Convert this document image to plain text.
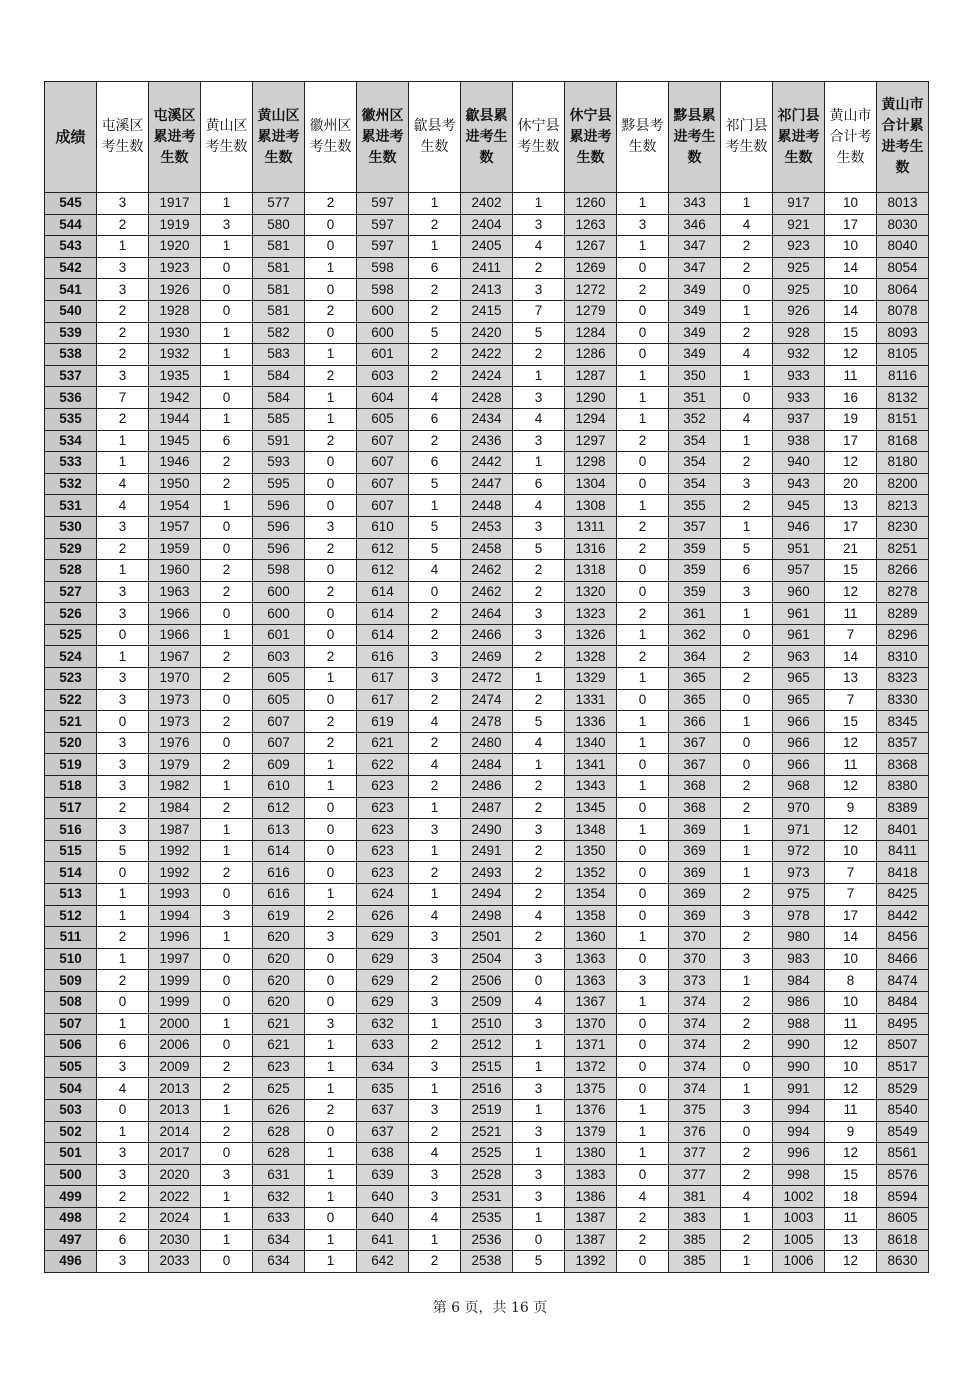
成绩	屯溪区考生数	屯溪区累进考生数	黄山区考生数	黄山区累进考生数	徽州区考生数	徽州区累进考生数	歙县考生数	歙县累进考生数	休宁县考生数	休宁县累进考生数	黟县考生数	黟县累进考生数	祁门县考生数	祁门县累进考生数	黄山市合计考生数	黄山市合计累进考生数
545	3	1917	1	577	2	597	1	2402	1	1260	1	343	1	917	10	8013
544	2	1919	3	580	0	597	2	2404	3	1263	3	346	4	921	17	8030
543	1	1920	1	581	0	597	1	2405	4	1267	1	347	2	923	10	8040
542	3	1923	0	581	1	598	6	2411	2	1269	0	347	2	925	14	8054
541	3	1926	0	581	0	598	2	2413	3	1272	2	349	0	925	10	8064
540	2	1928	0	581	2	600	2	2415	7	1279	0	349	1	926	14	8078
539	2	1930	1	582	0	600	5	2420	5	1284	0	349	2	928	15	8093
538	2	1932	1	583	1	601	2	2422	2	1286	0	349	4	932	12	8105
537	3	1935	1	584	2	603	2	2424	1	1287	1	350	1	933	11	8116
536	7	1942	0	584	1	604	4	2428	3	1290	1	351	0	933	16	8132
535	2	1944	1	585	1	605	6	2434	4	1294	1	352	4	937	19	8151
534	1	1945	6	591	2	607	2	2436	3	1297	2	354	1	938	17	8168
533	1	1946	2	593	0	607	6	2442	1	1298	0	354	2	940	12	8180
532	4	1950	2	595	0	607	5	2447	6	1304	0	354	3	943	20	8200
531	4	1954	1	596	0	607	1	2448	4	1308	1	355	2	945	13	8213
530	3	1957	0	596	3	610	5	2453	3	1311	2	357	1	946	17	8230
529	2	1959	0	596	2	612	5	2458	5	1316	2	359	5	951	21	8251
528	1	1960	2	598	0	612	4	2462	2	1318	0	359	6	957	15	8266
527	3	1963	2	600	2	614	0	2462	2	1320	0	359	3	960	12	8278
526	3	1966	0	600	0	614	2	2464	3	1323	2	361	1	961	11	8289
525	0	1966	1	601	0	614	2	2466	3	1326	1	362	0	961	7	8296
524	1	1967	2	603	2	616	3	2469	2	1328	2	364	2	963	14	8310
523	3	1970	2	605	1	617	3	2472	1	1329	1	365	2	965	13	8323
522	3	1973	0	605	0	617	2	2474	2	1331	0	365	0	965	7	8330
521	0	1973	2	607	2	619	4	2478	5	1336	1	366	1	966	15	8345
520	3	1976	0	607	2	621	2	2480	4	1340	1	367	0	966	12	8357
519	3	1979	2	609	1	622	4	2484	1	1341	0	367	0	966	11	8368
518	3	1982	1	610	1	623	2	2486	2	1343	1	368	2	968	12	8380
517	2	1984	2	612	0	623	1	2487	2	1345	0	368	2	970	9	8389
516	3	1987	1	613	0	623	3	2490	3	1348	1	369	1	971	12	8401
515	5	1992	1	614	0	623	1	2491	2	1350	0	369	1	972	10	8411
514	0	1992	2	616	0	623	2	2493	2	1352	0	369	1	973	7	8418
513	1	1993	0	616	1	624	1	2494	2	1354	0	369	2	975	7	8425
512	1	1994	3	619	2	626	4	2498	4	1358	0	369	3	978	17	8442
511	2	1996	1	620	3	629	3	2501	2	1360	1	370	2	980	14	8456
510	1	1997	0	620	0	629	3	2504	3	1363	0	370	3	983	10	8466
509	2	1999	0	620	0	629	2	2506	0	1363	3	373	1	984	8	8474
508	0	1999	0	620	0	629	3	2509	4	1367	1	374	2	986	10	8484
507	1	2000	1	621	3	632	1	2510	3	1370	0	374	2	988	11	8495
506	6	2006	0	621	1	633	2	2512	1	1371	0	374	2	990	12	8507
505	3	2009	2	623	1	634	3	2515	1	1372	0	374	0	990	10	8517
504	4	2013	2	625	1	635	1	2516	3	1375	0	374	1	991	12	8529
503	0	2013	1	626	2	637	3	2519	1	1376	1	375	3	994	11	8540
502	1	2014	2	628	0	637	2	2521	3	1379	1	376	0	994	9	8549
501	3	2017	0	628	1	638	4	2525	1	1380	1	377	2	996	12	8561
500	3	2020	3	631	1	639	3	2528	3	1383	0	377	2	998	15	8576
499	2	2022	1	632	1	640	3	2531	3	1386	4	381	4	1002	18	8594
498	2	2024	1	633	0	640	4	2535	1	1387	2	383	1	1003	11	8605
497	6	2030	1	634	1	641	1	2536	0	1387	2	385	2	1005	13	8618
496	3	2033	0	634	1	642	2	2538	5	1392	0	385	1	1006	12	8630
第 6 页，共 16 页
